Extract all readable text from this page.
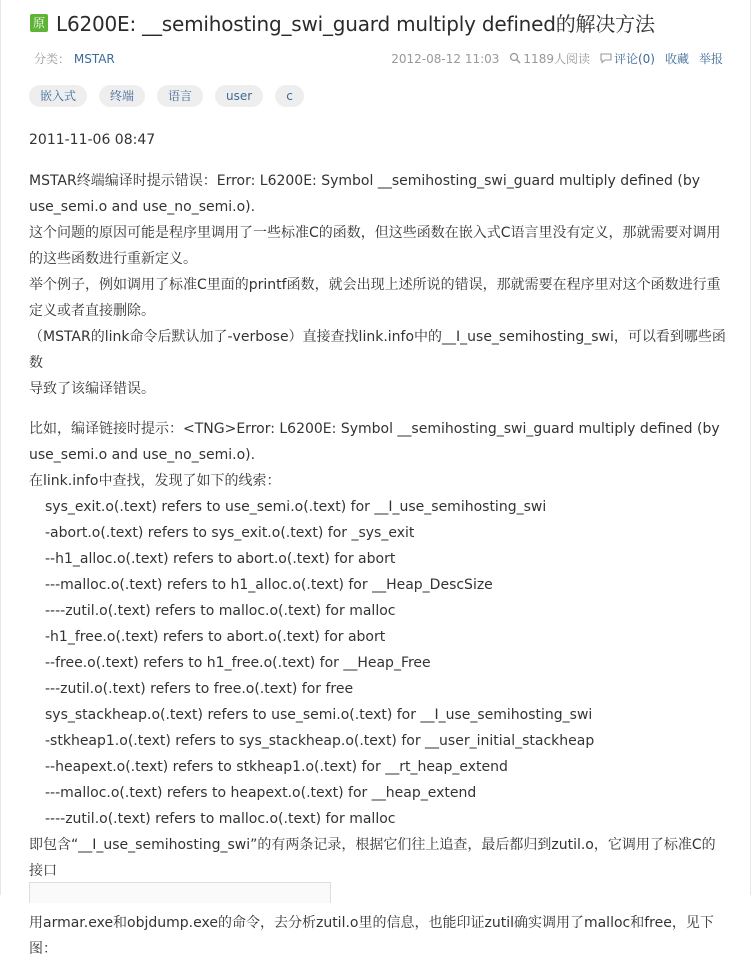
原 L6200E: __semihosting_swi_guard multiply defined的解决方法
分类： MSTAR	2012-08-12 11:03	1189人阅读	评论(0) 收藏 举报
嵌入式	终端	语言	user	c
2011-11-06 08:47

MSTAR终端编译时提示错误：Error: L6200E: Symbol __semihosting_swi_guard multiply defined (by

use_semi.o and use_no_semi.o).

这个问题的原因可能是程序里调用了一些标准C的函数，但这些函数在嵌入式C语言里没有定义，那就需要对调用

的这些函数进行重新定义。

举个例子，例如调用了标准C里面的printf函数，就会出现上述所说的错误，那就需要在程序里对这个函数进行重

定义或者直接删除。

（MSTAR的link命令后默认加了-verbose）直接查找link.info中的__I_use_semihosting_swi，可以看到哪些函数

导致了该编译错误。

比如，编译链接时提示：<TNG>Error: L6200E: Symbol __semihosting_swi_guard multiply defined (by

use_semi.o and use_no_semi.o).

在link.info中查找，发现了如下的线索：

sys_exit.o(.text) refers to use_semi.o(.text) for __I_use_semihosting_swi

-abort.o(.text) refers to sys_exit.o(.text) for _sys_exit

--h1_alloc.o(.text) refers to abort.o(.text) for abort

---malloc.o(.text) refers to h1_alloc.o(.text) for __Heap_DescSize

----zutil.o(.text) refers to malloc.o(.text) for malloc

-h1_free.o(.text) refers to abort.o(.text) for abort

--free.o(.text) refers to h1_free.o(.text) for __Heap_Free

---zutil.o(.text) refers to free.o(.text) for free

sys_stackheap.o(.text) refers to use_semi.o(.text) for __I_use_semihosting_swi

-stkheap1.o(.text) refers to sys_stackheap.o(.text) for __user_initial_stackheap

--heapext.o(.text) refers to stkheap1.o(.text) for __rt_heap_extend

---malloc.o(.text) refers to heapext.o(.text) for __heap_extend

----zutil.o(.text) refers to malloc.o(.text) for malloc

即包含“__I_use_semihosting_swi”的有两条记录，根据它们往上追查，最后都归到zutil.o，它调用了标准C的接口

用armar.exe和objdump.exe的命令，去分析zutil.o里的信息，也能印证zutil确实调用了malloc和free，见下图：
